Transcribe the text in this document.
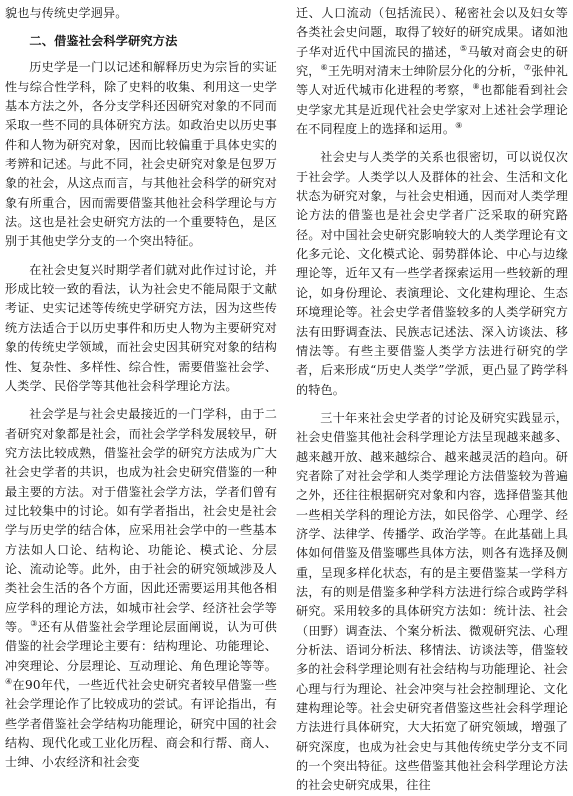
貌也与传统史学迥异。

二、借鉴社会科学研究方法

历史学是一门以记述和解释历史为宗旨的实证性与综合性学科，除了史料的收集、利用这一史学基本方法之外，各分支学科还因研究对象的不同而采取一些不同的具体研究方法。如政治史以历史事件和人物为研究对象，因而比较偏重于具体史实的考辨和记述。与此不同，社会史研究对象是包罗万象的社会，从这点而言，与其他社会科学的研究对象有所重合，因而需要借鉴其他社会科学理论与方法。这也是社会史研究方法的一个重要特色，是区别于其他史学分支的一个突出特征。

在社会史复兴时期学者们就对此作过讨论，并形成比较一致的看法，认为社会史不能局限于文献考证、史实记述等传统史学研究方法，因为这些传统方法适合于以历史事件和历史人物为主要研究对象的传统史学领域，而社会史因其研究对象的结构性、复杂性、多样性、综合性，需要借鉴社会学、人类学、民俗学等其他社会科学理论方法。

社会学是与社会史最接近的一门学科，由于二者研究对象都是社会，而社会学学科发展较早，研究方法比较成熟，借鉴社会学的研究方法成为广大社会史学者的共识，也成为社会史研究借鉴的一种最主要的方法。对于借鉴社会学方法，学者们曾有过比较集中的讨论。如有学者指出，社会史是社会学与历史学的结合体，应采用社会学中的一些基本方法如人口论、结构论、功能论、模式论、分层论、流动论等。此外，由于社会的研究领域涉及人类社会生活的各个方面，因此还需要运用其他各相应学科的理论方法，如城市社会学、经济社会学等等。③还有从借鉴社会学理论层面阐说，认为可供借鉴的社会学理论主要有：结构理论、功能理论、冲突理论、分层理论、互动理论、角色理论等等。④在90年代，一些近代社会史研究者较早借鉴一些社会学理论作了比较成功的尝试。有评论指出，有些学者借鉴社会学结构功能理论，研究中国的社会结构、现代化或工业化历程、商会和行帮、商人、士绅、小农经济和社会变

迁、人口流动（包括流民）、秘密社会以及妇女等各类社会史问题，取得了较好的研究成果。诸如池子华对近代中国流民的描述，⑤马敏对商会史的研究，⑥王先明对清末士绅阶层分化的分析，⑦张仲礼等人对近代城市化进程的考察，⑧也都能看到社会史学家尤其是近现代社会史学家对上述社会学理论在不同程度上的选择和运用。⑨

社会史与人类学的关系也很密切，可以说仅次于社会学。人类学以人及群体的社会、生活和文化状态为研究对象，与社会史相通，因而对人类学理论方法的借鉴也是社会史学者广泛采取的研究路径。对中国社会史研究影响较大的人类学理论有文化多元论、文化模式论、弱势群体论、中心与边缘理论等，近年又有一些学者探索运用一些较新的理论，如身份理论、表演理论、文化建构理论、生态环境理论等。社会史学者借鉴较多的人类学研究方法有田野调查法、民族志记述法、深入访谈法、移情法等。有些主要借鉴人类学方法进行研究的学者，后来形成“历史人类学”学派，更凸显了跨学科的特色。

三十年来社会史学者的讨论及研究实践显示，社会史借鉴其他社会科学理论方法呈现越来越多、越来越开放、越来越综合、越来越灵活的趋向。研究者除了对社会学和人类学理论方法借鉴较为普遍之外，还往往根据研究对象和内容，选择借鉴其他一些相关学科的理论方法，如民俗学、心理学、经济学、法律学、传播学、政治学等。在此基础上具体如何借鉴及借鉴哪些具体方法，则各有选择及侧重，呈现多样化状态，有的是主要借鉴某一学科方法，有的则是借鉴多种学科方法进行综合或跨学科研究。采用较多的具体研究方法如：统计法、社会（田野）调查法、个案分析法、微观研究法、心理分析法、语词分析法、移情法、访谈法等，借鉴较多的社会科学理论则有社会结构与功能理论、社会心理与行为理论、社会冲突与社会控制理论、文化建构理论等。社会史研究者借鉴这些社会科学理论方法进行具体研究，大大拓宽了研究领域，增强了研究深度，也成为社会史与其他传统史学分支不同的一个突出特征。这些借鉴其他社会科学理论方法的社会史研究成果，往往
